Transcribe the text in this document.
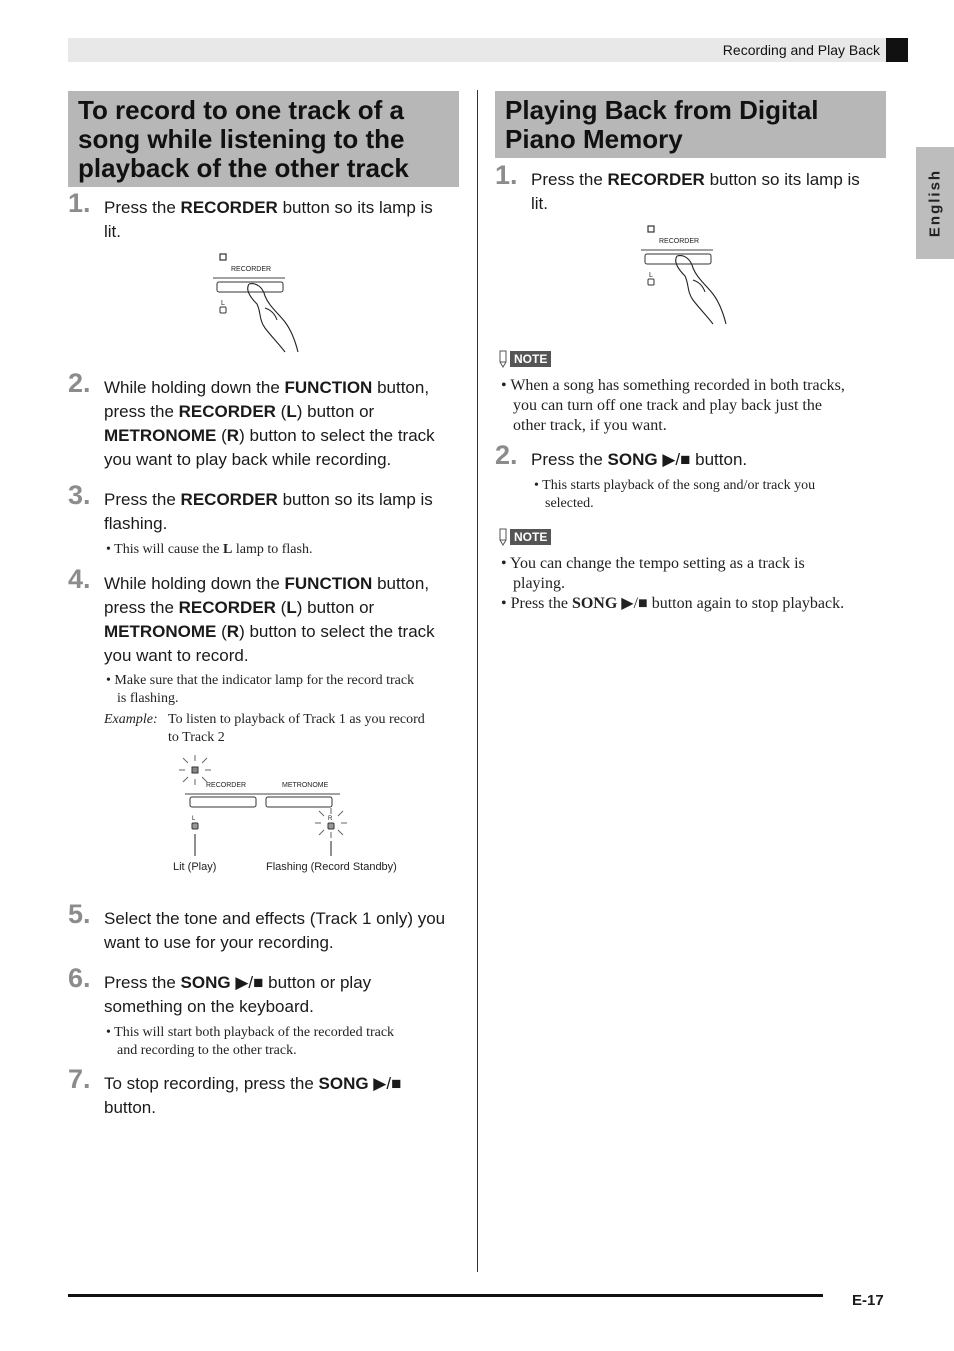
Recording and Play Back
English
To record to one track of a
song while listening to the
playback of the other track
1. Press the RECORDER button so its lamp is
lit.
RECORDER
L
2. While holding down the FUNCTION button,
press the RECORDER (L) button or
METRONOME (R) button to select the track
you want to play back while recording.
3. Press the RECORDER button so its lamp is
flashing.
• This will cause the L lamp to flash.
4. While holding down the FUNCTION button,
press the RECORDER (L) button or
METRONOME (R) button to select the track
you want to record.
• Make sure that the indicator lamp for the record track
is flashing.
Example: To listen to playback of Track 1 as you record
to Track 2
RECORDER	METRONOME
L	R
Lit (Play)	Flashing (Record Standby)
5. Select the tone and effects (Track 1 only) you
want to use for your recording.
6. Press the SONG ▶/■ button or play
something on the keyboard.
• This will start both playback of the recorded track
and recording to the other track.
7. To stop recording, press the SONG ▶/■
button.
Playing Back from Digital
Piano Memory
1. Press the RECORDER button so its lamp is
lit.
RECORDER
L
NOTE
• When a song has something recorded in both tracks,
you can turn off one track and play back just the
other track, if you want.
2. Press the SONG ▶/■ button.
• This starts playback of the song and/or track you
selected.
NOTE
• You can change the tempo setting as a track is
playing.
• Press the SONG ▶/■ button again to stop playback.
E-17
